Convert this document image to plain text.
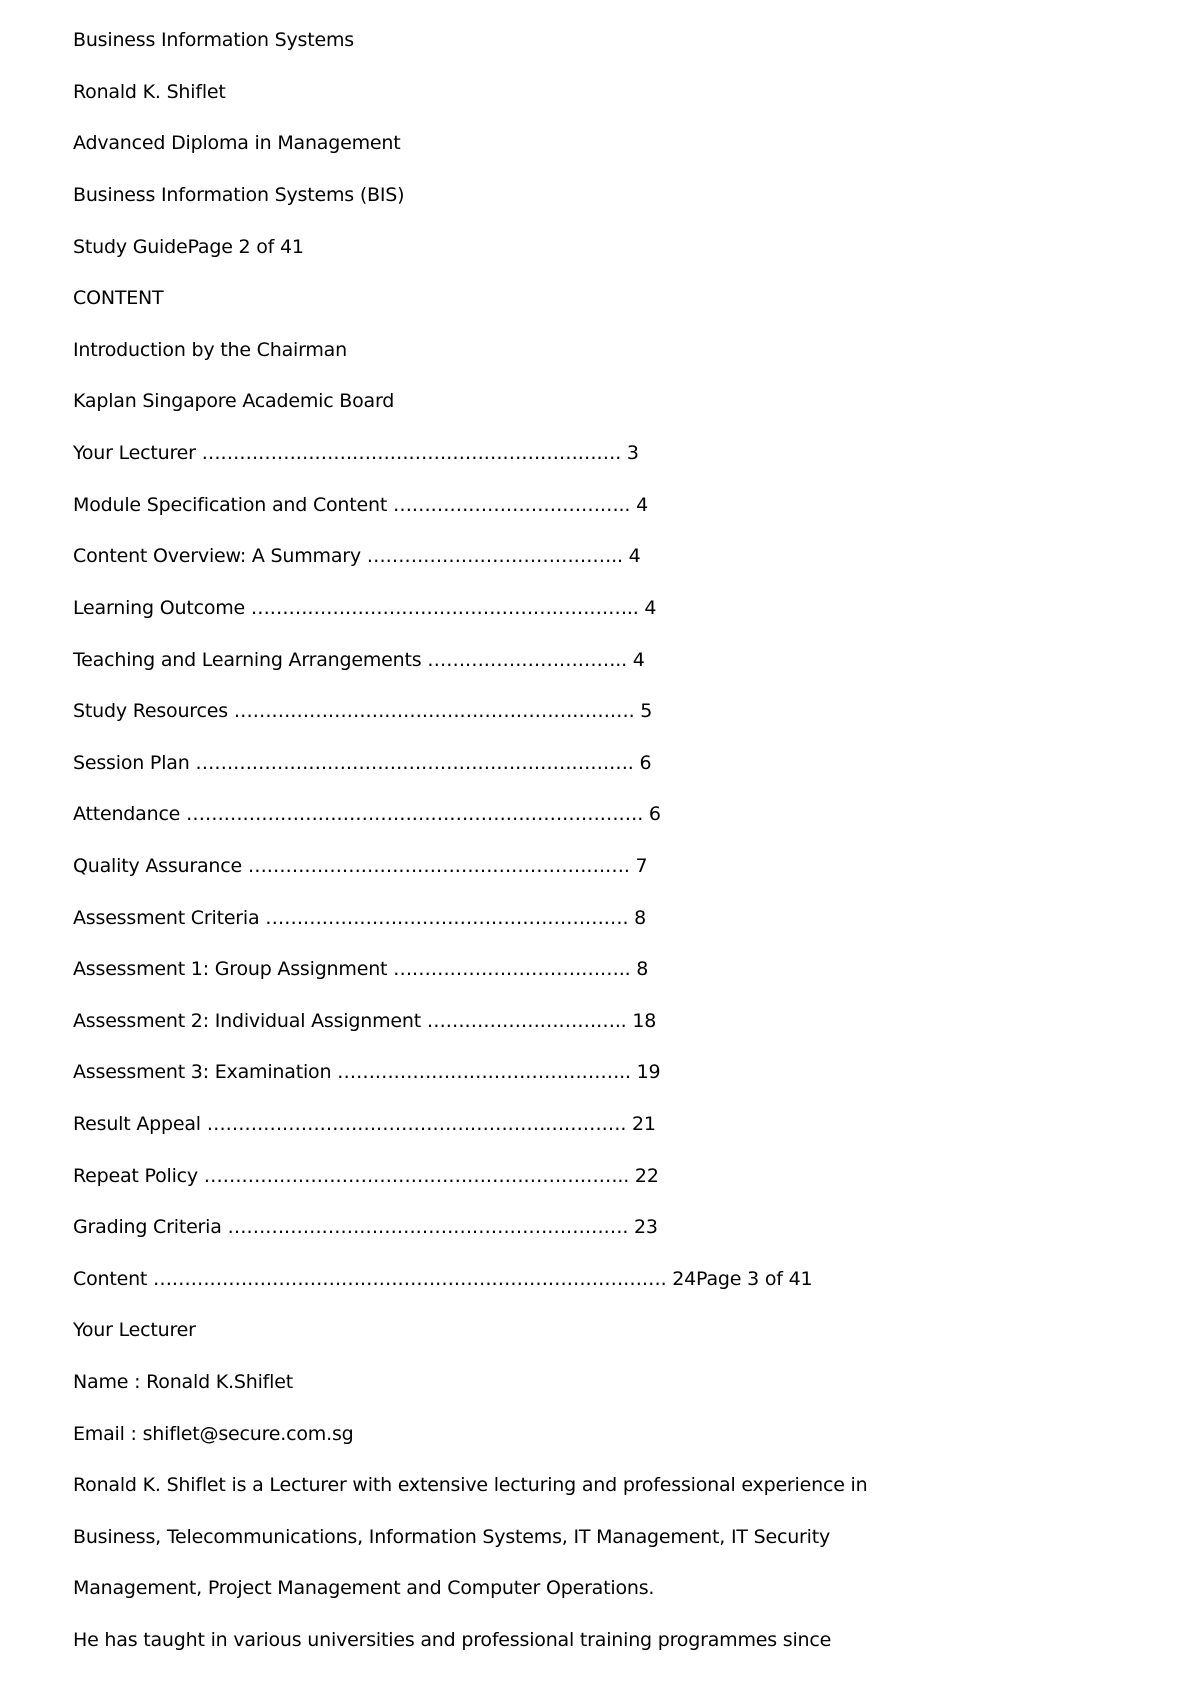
Business Information Systems
Ronald K. Shiflet
Advanced Diploma in Management
Business Information Systems (BIS)
Study GuidePage 2 of 41
CONTENT
Introduction by the Chairman
Kaplan Singapore Academic Board
Your Lecturer …………………………………………………………. 3
Module Specification and Content ……………………………….. 4
Content Overview: A Summary ………………………………….. 4
Learning Outcome …………………………………………………….. 4
Teaching and Learning Arrangements ………………………….. 4
Study Resources ………………………………………………………. 5
Session Plan ……………………………………………………………. 6
Attendance ………………………………………………………………. 6
Quality Assurance ……………………………………………………. 7
Assessment Criteria …………………………………………………. 8
Assessment 1: Group Assignment ……………………………….. 8
Assessment 2: Individual Assignment ………………………….. 18
Assessment 3: Examination ……………………………………….. 19
Result Appeal …………………………………………………………. 21
Repeat Policy ………………………………………………………….. 22
Grading Criteria ………………………………………………………. 23
Content ………………………………………………………………………. 24Page 3 of 41
Your Lecturer
Name : Ronald K.Shiflet
Email : shiflet@secure.com.sg
Ronald K. Shiflet is a Lecturer with extensive lecturing and professional experience in
Business, Telecommunications, Information Systems, IT Management, IT Security
Management, Project Management and Computer Operations.
He has taught in various universities and professional training programmes since
